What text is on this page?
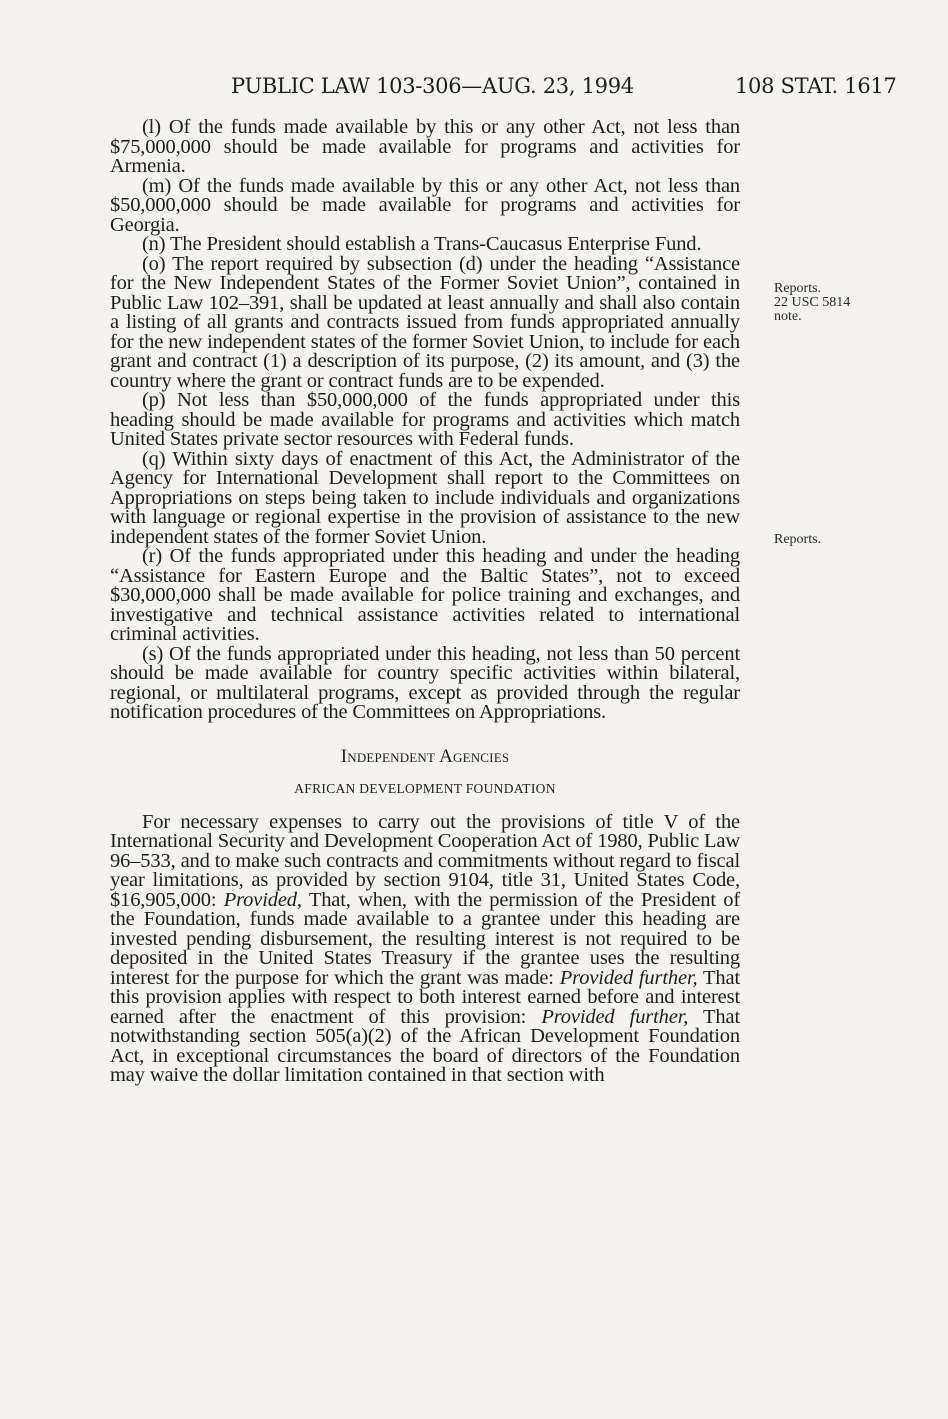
PUBLIC LAW 103-306—AUG. 23, 1994	108 STAT. 1617

(l) Of the funds made available by this or any other Act, not less than $75,000,000 should be made available for programs and activities for Armenia.

(m) Of the funds made available by this or any other Act, not less than $50,000,000 should be made available for programs and activities for Georgia.

(n) The President should establish a Trans-Caucasus Enterprise Fund.

(o) The report required by subsection (d) under the heading “Assistance for the New Independent States of the Former Soviet Union”, contained in Public Law 102–391, shall be updated at least annually and shall also contain a listing of all grants and contracts issued from funds appropriated annually for the new independent states of the former Soviet Union, to include for each grant and contract (1) a description of its purpose, (2) its amount, and (3) the country where the grant or contract funds are to be expended.

(p) Not less than $50,000,000 of the funds appropriated under this heading should be made available for programs and activities which match United States private sector resources with Federal funds.

(q) Within sixty days of enactment of this Act, the Administrator of the Agency for International Development shall report to the Committees on Appropriations on steps being taken to include individuals and organizations with language or regional expertise in the provision of assistance to the new independent states of the former Soviet Union.

(r) Of the funds appropriated under this heading and under the heading “Assistance for Eastern Europe and the Baltic States”, not to exceed $30,000,000 shall be made available for police training and exchanges, and investigative and technical assistance activities related to international criminal activities.

(s) Of the funds appropriated under this heading, not less than 50 percent should be made available for country specific activities within bilateral, regional, or multilateral programs, except as provided through the regular notification procedures of the Committees on Appropriations.

Independent Agencies
AFRICAN DEVELOPMENT FOUNDATION

For necessary expenses to carry out the provisions of title V of the International Security and Development Cooperation Act of 1980, Public Law 96–533, and to make such contracts and commitments without regard to fiscal year limitations, as provided by section 9104, title 31, United States Code, $16,905,000: Provided, That, when, with the permission of the President of the Foundation, funds made available to a grantee under this heading are invested pending disbursement, the resulting interest is not required to be deposited in the United States Treasury if the grantee uses the resulting interest for the purpose for which the grant was made: Provided further, That this provision applies with respect to both interest earned before and interest earned after the enactment of this provision: Provided further, That notwithstanding section 505(a)(2) of the African Development Foundation Act, in exceptional circumstances the board of directors of the Foundation may waive the dollar limitation contained in that section with

Reports.
22 USC 5814
note.
Reports.
